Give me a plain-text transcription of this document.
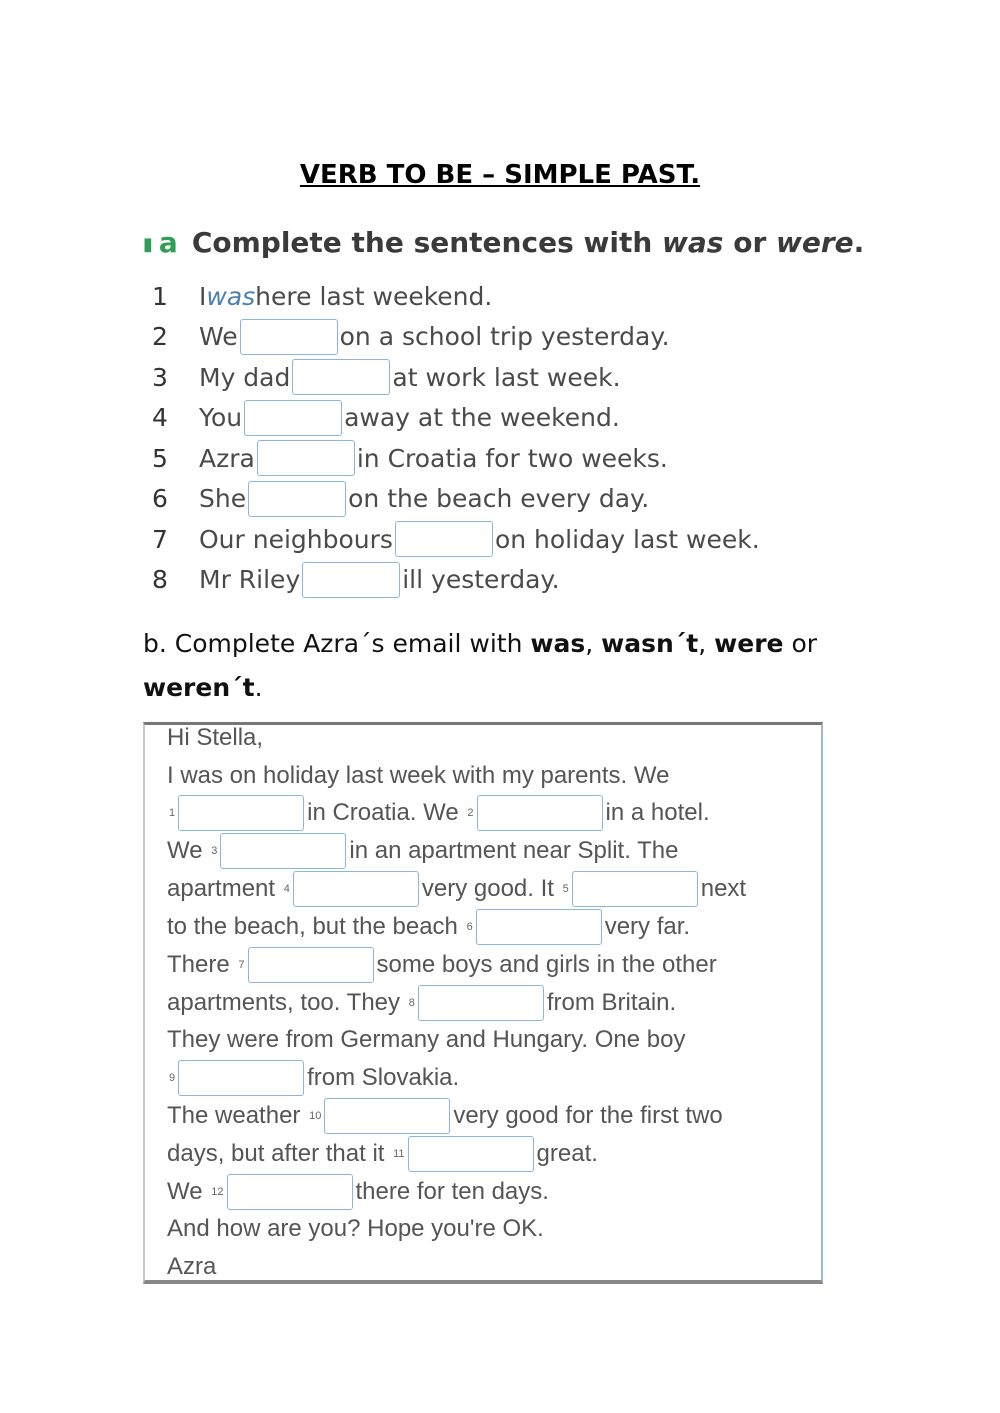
VERB TO BE – SIMPLE PAST.
▮ a Complete the sentences with was or were.
1	I was here last weekend.
2	We	on a school trip yesterday.
3	My dad	at work last week.
4	You	away at the weekend.
5	Azra	in Croatia for two weeks.
6	She	on the beach every day.
7	Our neighbours	on holiday last week.
8	Mr Riley	ill yesterday.
b. Complete Azra´s email with was, wasn´t, were or
weren´t.
Hi Stella,
I was on holiday last week with my parents. We
1	in Croatia. We
2	in a hotel.
We
3	in an apartment near Split. The
apartment
4	very good. It
5	next
to the beach, but the beach
6	very far.
There
7	some boys and girls in the other
apartments, too. They
8	from Britain.
They were from Germany and Hungary. One boy
9	from Slovakia.
The weather
10	very good for the first two
days, but after that it
11	great.
We
12	there for ten days.
And how are you? Hope you're OK.
Azra
